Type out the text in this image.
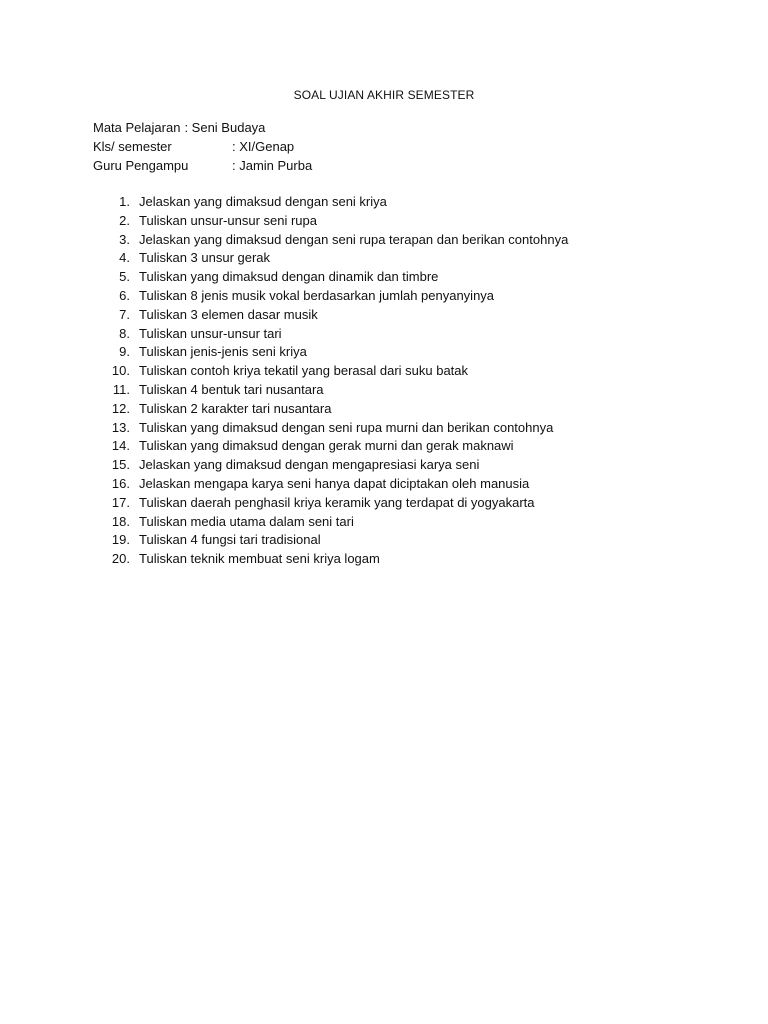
SOAL UJIAN AKHIR SEMESTER
Mata Pelajaran : Seni Budaya
Kls/ semester	: XI/Genap
Guru Pengampu	: Jamin Purba
1. Jelaskan yang dimaksud dengan seni kriya
2. Tuliskan unsur-unsur seni rupa
3. Jelaskan yang dimaksud dengan seni rupa terapan dan berikan contohnya
4. Tuliskan 3 unsur gerak
5. Tuliskan yang dimaksud dengan dinamik dan timbre
6. Tuliskan 8 jenis musik vokal berdasarkan jumlah penyanyinya
7. Tuliskan 3 elemen dasar musik
8. Tuliskan unsur-unsur tari
9. Tuliskan jenis-jenis seni kriya
10. Tuliskan contoh kriya tekatil yang berasal dari suku batak
11. Tuliskan 4 bentuk tari nusantara
12. Tuliskan 2 karakter tari nusantara
13. Tuliskan yang dimaksud dengan seni rupa murni dan berikan contohnya
14. Tuliskan yang dimaksud dengan gerak murni dan gerak maknawi
15. Jelaskan yang dimaksud dengan mengapresiasi karya seni
16. Jelaskan mengapa karya seni hanya dapat diciptakan oleh manusia
17. Tuliskan daerah penghasil kriya keramik yang terdapat di yogyakarta
18. Tuliskan media utama dalam seni tari
19. Tuliskan 4 fungsi tari tradisional
20. Tuliskan teknik membuat seni kriya logam
